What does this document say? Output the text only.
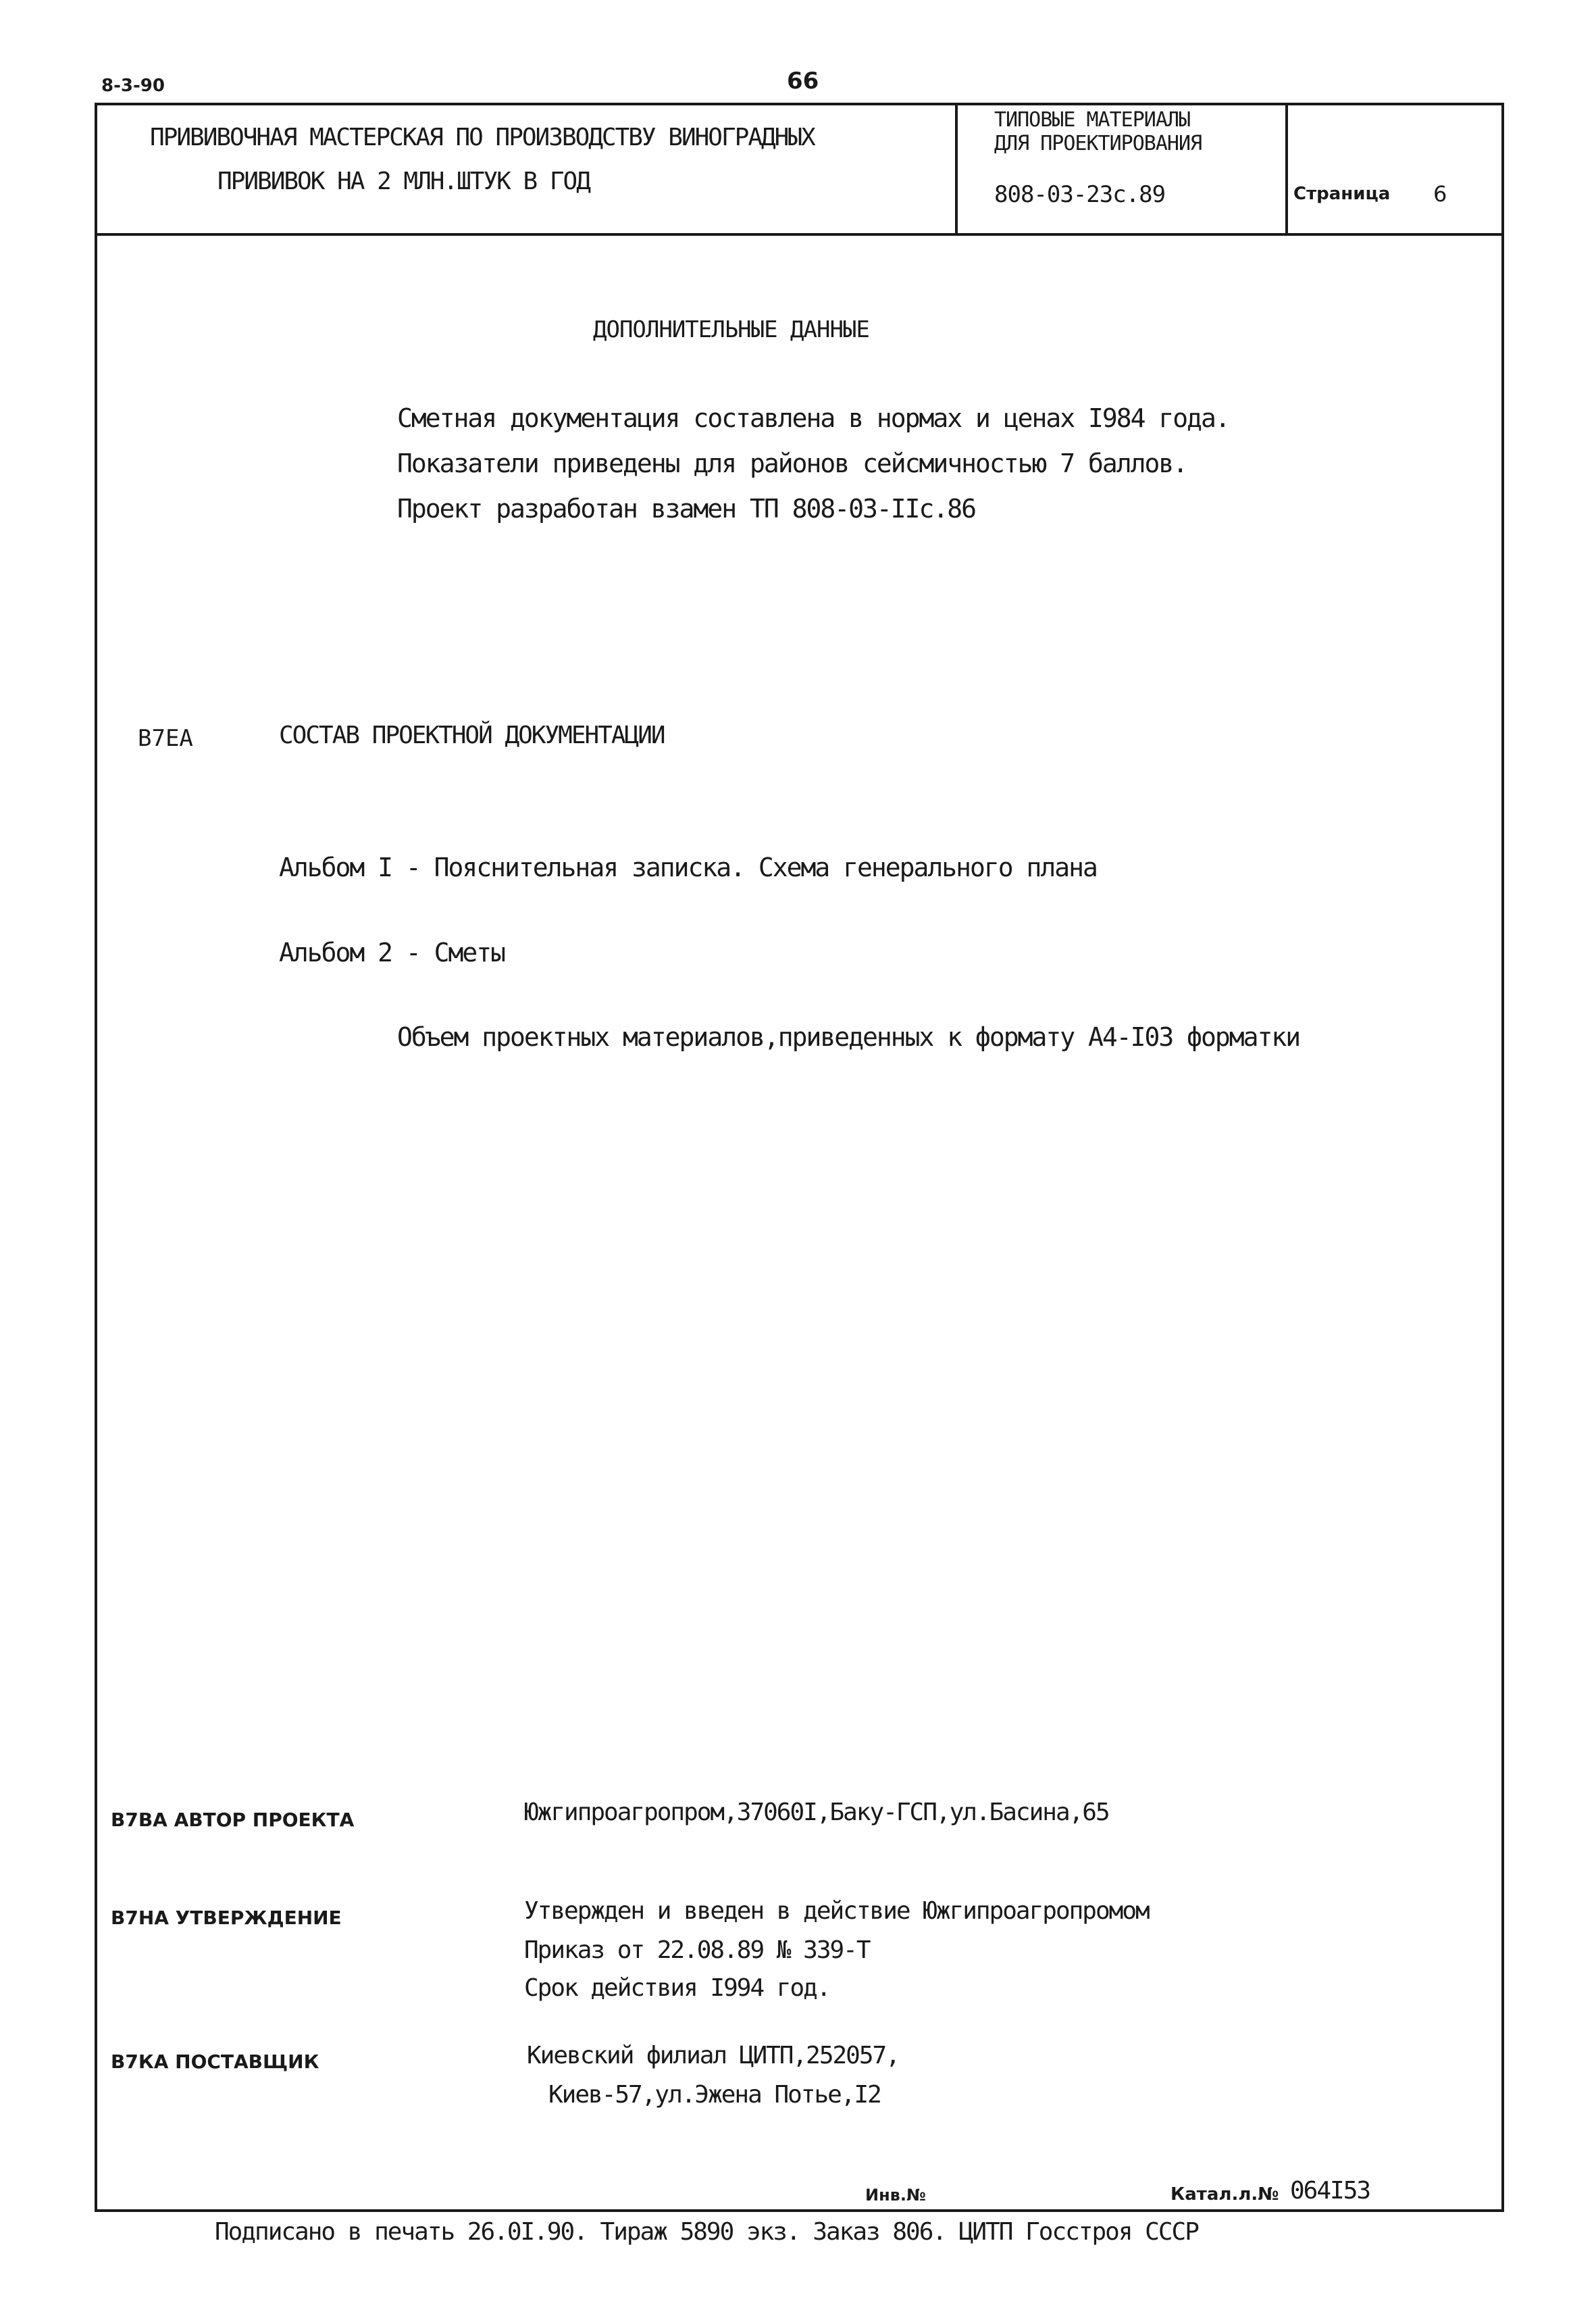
8-3-90	66
ПРИВИВОЧНАЯ МАСТЕРСКАЯ ПО ПРОИЗВОДСТВУ ВИНОГРАДНЫХ
ПРИВИВОК НА 2 МЛН.ШТУК В ГОД
ТИПОВЫЕ МАТЕРИАЛЫ
ДЛЯ ПРОЕКТИРОВАНИЯ
808-03-23с.89	Страница 6
ДОПОЛНИТЕЛЬНЫЕ ДАННЫЕ
Сметная документация составлена в нормах и ценах I984 года.
Показатели приведены для районов сейсмичностью 7 баллов.
Проект разработан взамен ТП 808-03-IIс.86
В7ЕА	СОСТАВ ПРОЕКТНОЙ ДОКУМЕНТАЦИИ
Альбом I - Пояснительная записка. Схема генерального плана
Альбом 2 - Сметы
Объем проектных материалов,приведенных к формату А4-I03 форматки
В7ВА АВТОР ПРОЕКТА	Южгипроагропром,37060I,Баку-ГСП,ул.Басина,65
В7НА УТВЕРЖДЕНИЕ	Утвержден и введен в действие Южгипроагропромом
Приказ от 22.08.89 № 339-Т
Срок действия I994 год.
В7КА ПОСТАВЩИК	Киевский филиал ЦИТП,252057,
Киев-57,ул.Эжена Потье,I2
Инв.№	Катал.л.№ 064I53
Подписано в печать 26.0I.90. Тираж 5890 экз. Заказ 806. ЦИТП Госстроя СССР
